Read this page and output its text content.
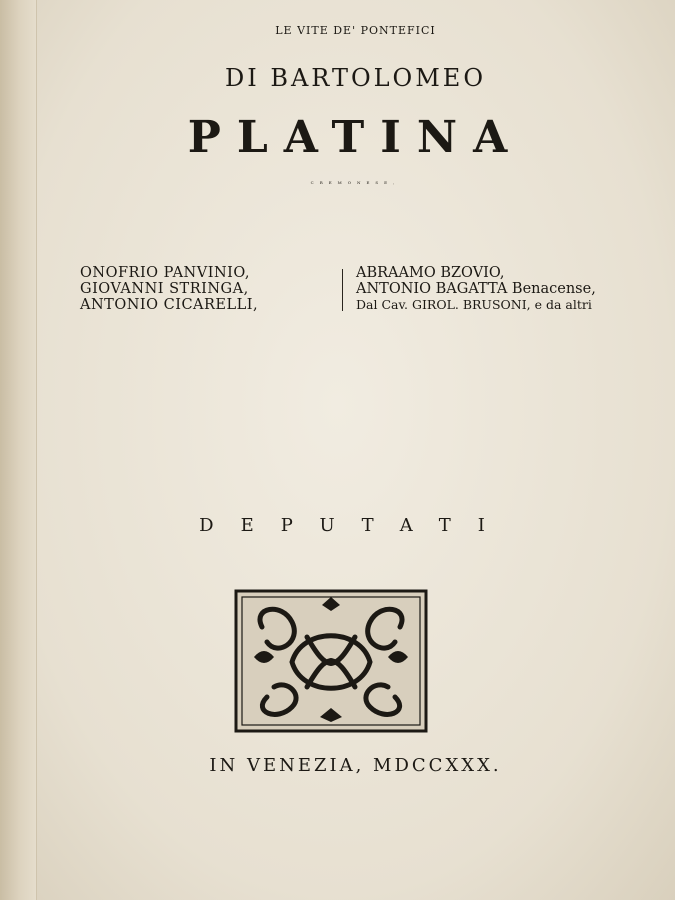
LE VITE DE' PONTEFICI
DI BARTOLOMEO
PLATINA
CREMONESE,
ONOFRIO PANVINIO,
GIOVANNI STRINGA,
ANTONIO CICARELLI,
ABRAAMO BZOVIO,
ANTONIO BAGATTA Benacense,
Dal Cav. GIROL. BRUSONI, e da altri
DEPUTATI
IN VENEZIA, MDCCXXX.
